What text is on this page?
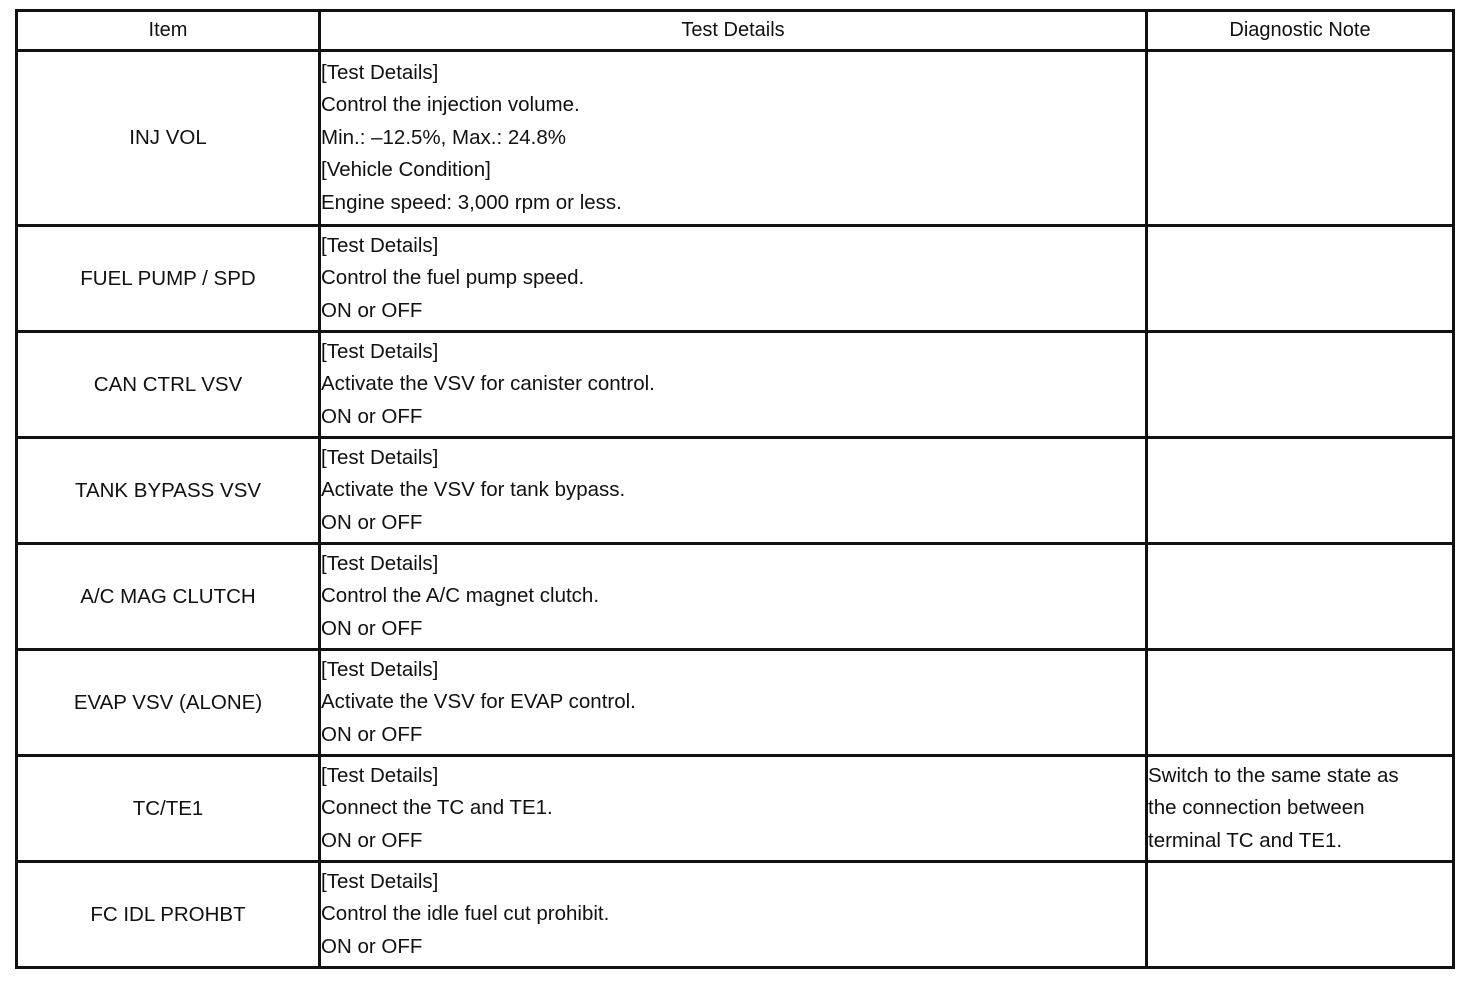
Item	Test Details	Diagnostic Note
INJ VOL	[Test Details]
Control the injection volume.
Min.: –12.5%, Max.: 24.8%
[Vehicle Condition]
Engine speed: 3,000 rpm or less.	

FUEL PUMP / SPD	[Test Details]
Control the fuel pump speed.
ON or OFF	

CAN CTRL VSV	[Test Details]
Activate the VSV for canister control.
ON or OFF	

TANK BYPASS VSV	[Test Details]
Activate the VSV for tank bypass.
ON or OFF	

A/C MAG CLUTCH	[Test Details]
Control the A/C magnet clutch.
ON or OFF	

EVAP VSV (ALONE)	[Test Details]
Activate the VSV for EVAP control.
ON or OFF	

TC/TE1	[Test Details]
Connect the TC and TE1.
ON or OFF	Switch to the same state as
the connection between
terminal TC and TE1.

FC IDL PROHBT	[Test Details]
Control the idle fuel cut prohibit.
ON or OFF	
